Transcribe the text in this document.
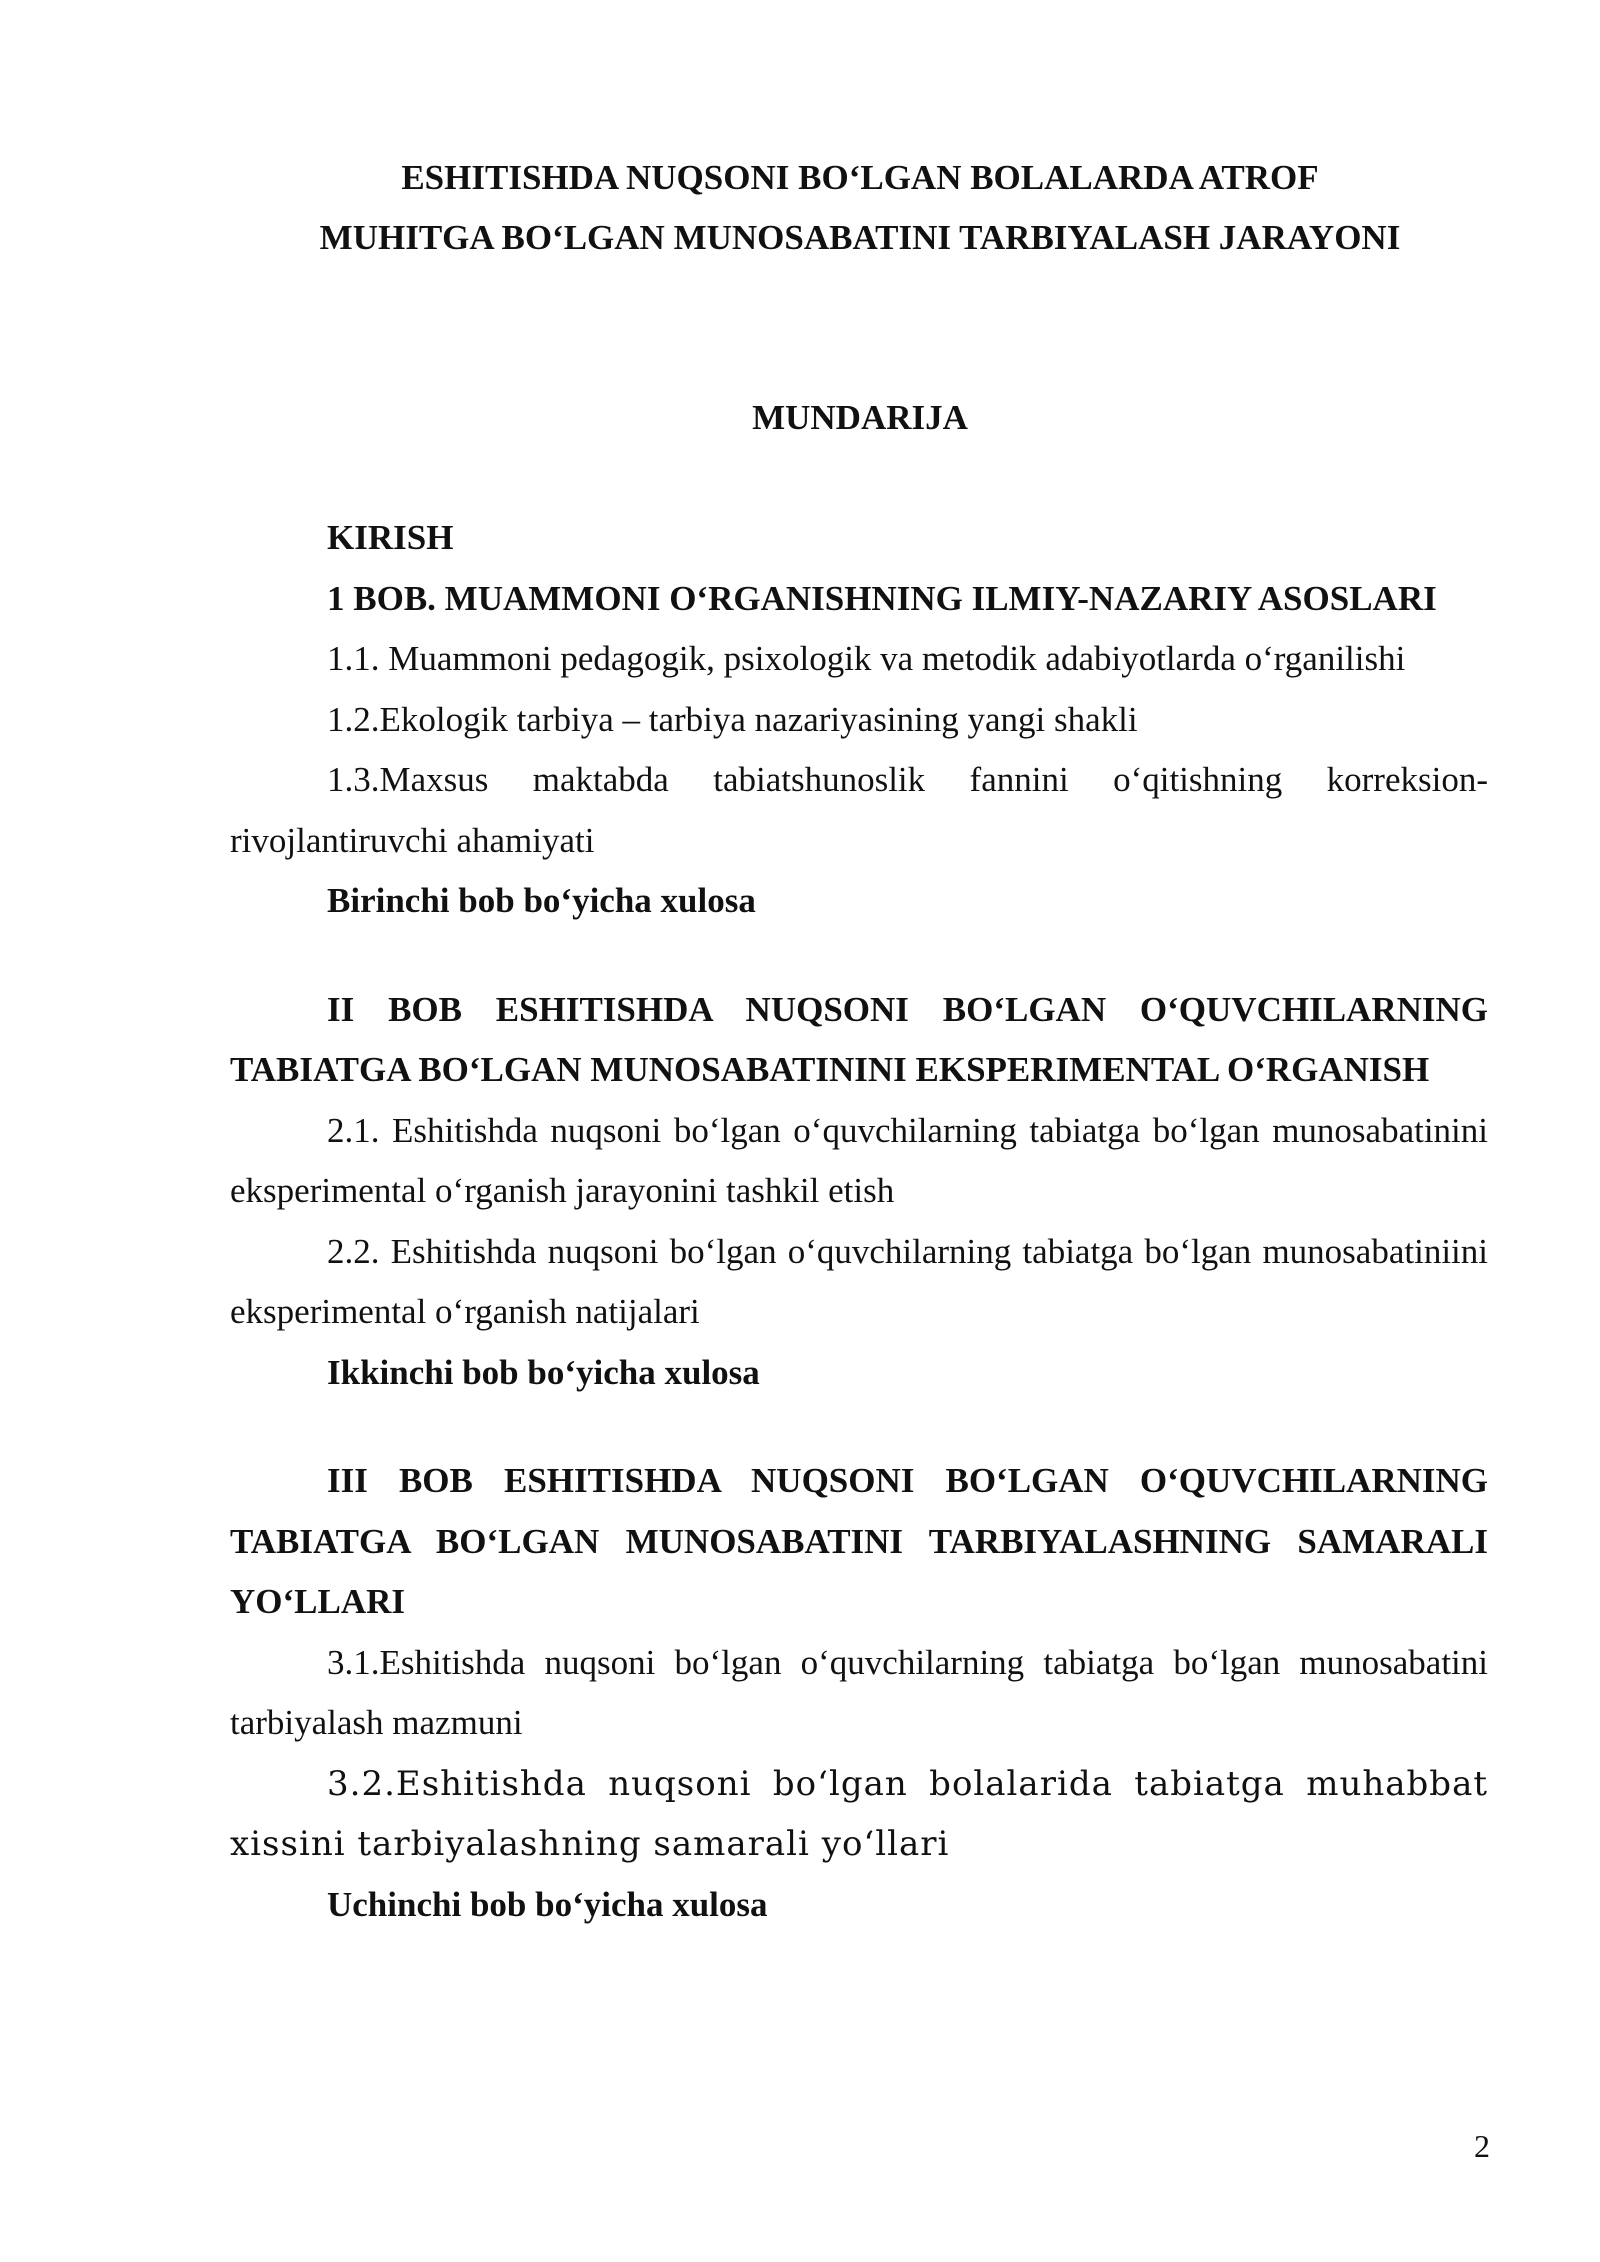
ESHITISHDA NUQSONI BO‘LGAN BOLALARDA ATROF
MUHITGA BO‘LGAN MUNOSABATINI TARBIYALASH JARAYONI
MUNDARIJA

KIRISH

1 BOB. MUAMMONI O‘RGANISHNING ILMIY-NAZARIY ASOSLARI

1.1. Muammoni pedagogik, psixologik va metodik adabiyotlarda o‘rganilishi

1.2.Ekologik tarbiya – tarbiya nazariyasining yangi shakli

1.3.Maxsus maktabda tabiatshunoslik fannini o‘qitishning korreksion-rivojlantiruvchi ahamiyati

Birinchi bob bo‘yicha xulosa

II BOB ESHITISHDA NUQSONI BO‘LGAN O‘QUVCHILARNING TABIATGA BO‘LGAN MUNOSABATININI EKSPERIMENTAL O‘RGANISH

2.1. Eshitishda nuqsoni bo‘lgan o‘quvchilarning tabiatga bo‘lgan munosabatinini eksperimental o‘rganish jarayonini tashkil etish

2.2. Eshitishda nuqsoni bo‘lgan o‘quvchilarning tabiatga bo‘lgan munosabatiniini eksperimental o‘rganish natijalari

Ikkinchi bob bo‘yicha xulosa

III BOB ESHITISHDA NUQSONI BO‘LGAN O‘QUVCHILARNING TABIATGA BO‘LGAN MUNOSABATINI TARBIYALASHNING SAMARALI YO‘LLARI

3.1.Eshitishda nuqsoni bo‘lgan o‘quvchilarning tabiatga bo‘lgan munosabatini tarbiyalash mazmuni

3.2.Eshitishda nuqsoni bo‘lgan bolalarida tabiatga muhabbat xissini tarbiyalashning samarali yo‘llari

Uchinchi bob bo‘yicha xulosa

2
